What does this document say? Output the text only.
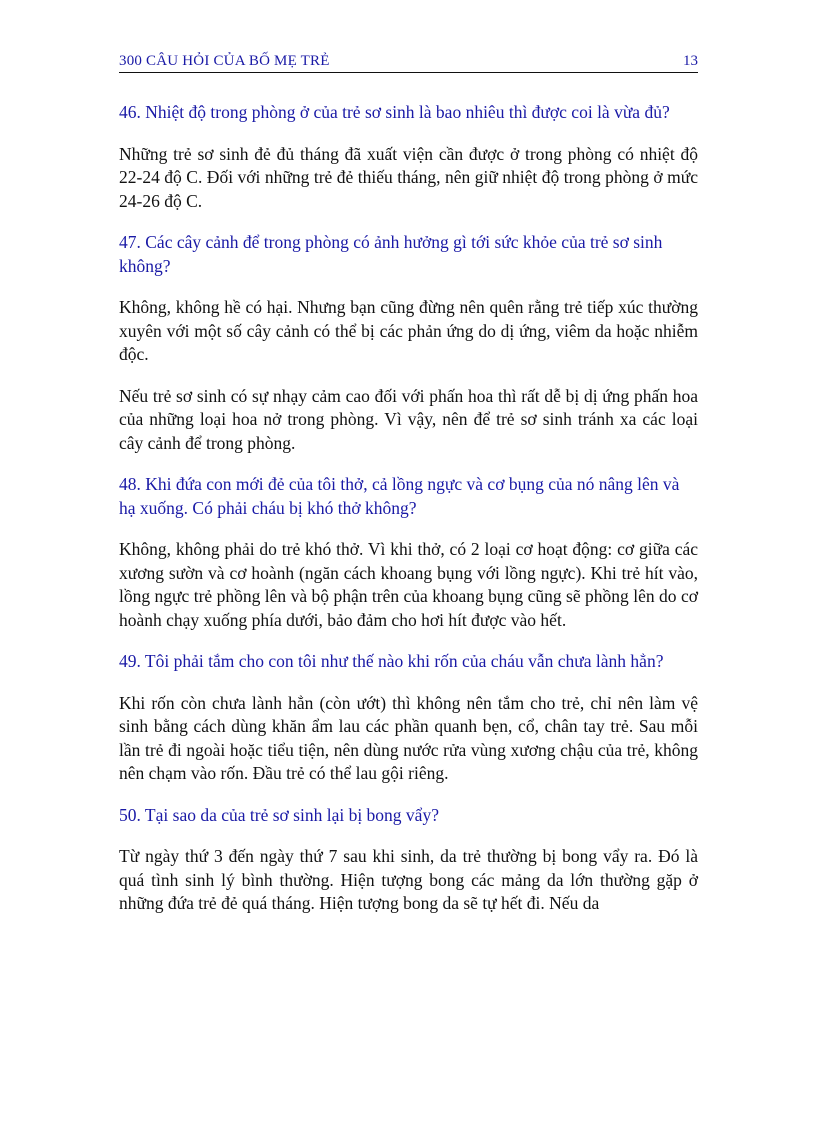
300 CÂU HỎI CỦA BỐ MẸ TRẺ	13

46. Nhiệt độ trong phòng ở của trẻ sơ sinh là bao nhiêu thì được coi là vừa đủ?

Những trẻ sơ sinh đẻ đủ tháng đã xuất viện cần được ở trong phòng có nhiệt độ 22-24 độ C. Đối với những trẻ đẻ thiếu tháng, nên giữ nhiệt độ trong phòng ở mức 24-26 độ C.

47. Các cây cảnh để trong phòng có ảnh hưởng gì tới sức khỏe của trẻ sơ sinh không?

Không, không hề có hại. Nhưng bạn cũng đừng nên quên rằng trẻ tiếp xúc thường xuyên với một số cây cảnh có thể bị các phản ứng do dị ứng, viêm da hoặc nhiễm độc.

Nếu trẻ sơ sinh có sự nhạy cảm cao đối với phấn hoa thì rất dễ bị dị ứng phấn hoa của những loại hoa nở trong phòng. Vì vậy, nên để trẻ sơ sinh tránh xa các loại cây cảnh để trong phòng.

48. Khi đứa con mới đẻ của tôi thở, cả lồng ngực và cơ bụng của nó nâng lên và hạ xuống. Có phải cháu bị khó thở không?

Không, không phải do trẻ khó thở. Vì khi thở, có 2 loại cơ hoạt động: cơ giữa các xương sườn và cơ hoành (ngăn cách khoang bụng với lồng ngực). Khi trẻ hít vào, lồng ngực trẻ phồng lên và bộ phận trên của khoang bụng cũng sẽ phồng lên do cơ hoành chạy xuống phía dưới, bảo đảm cho hơi hít được vào hết.

49. Tôi phải tắm cho con tôi như thế nào khi rốn của cháu vẫn chưa lành hẳn?

Khi rốn còn chưa lành hẳn (còn ướt) thì không nên tắm cho trẻ, chỉ nên làm vệ sinh bằng cách dùng khăn ẩm lau các phần quanh bẹn, cổ, chân tay trẻ. Sau mỗi lần trẻ đi ngoài hoặc tiểu tiện, nên dùng nước rửa vùng xương chậu của trẻ, không nên chạm vào rốn. Đầu trẻ có thể lau gội riêng.

50. Tại sao da của trẻ sơ sinh lại bị bong vẩy?

Từ ngày thứ 3 đến ngày thứ 7 sau khi sinh, da trẻ thường bị bong vẩy ra. Đó là quá tình sinh lý bình thường. Hiện tượng bong các mảng da lớn thường gặp ở những đứa trẻ đẻ quá tháng. Hiện tượng bong da sẽ tự hết đi. Nếu da
